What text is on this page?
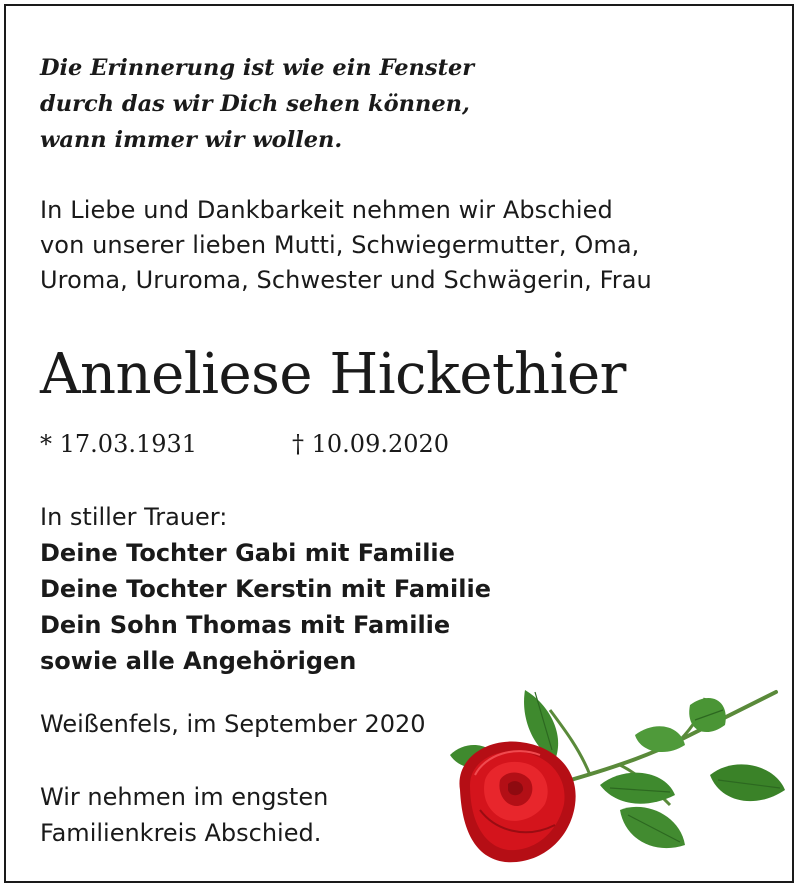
Die Erinnerung ist wie ein Fenster
durch das wir Dich sehen können,
wann immer wir wollen.
In Liebe und Dankbarkeit nehmen wir Abschied
von unserer lieben Mutti, Schwiegermutter, Oma,
Uroma, Ururoma, Schwester und Schwägerin, Frau
Anneliese Hickethier
* 17.03.1931	† 10.09.2020
In stiller Trauer:
Deine Tochter Gabi mit Familie
Deine Tochter Kerstin mit Familie
Dein Sohn Thomas mit Familie
sowie alle Angehörigen
Weißenfels, im September 2020
Wir nehmen im engsten
Familienkreis Abschied.
